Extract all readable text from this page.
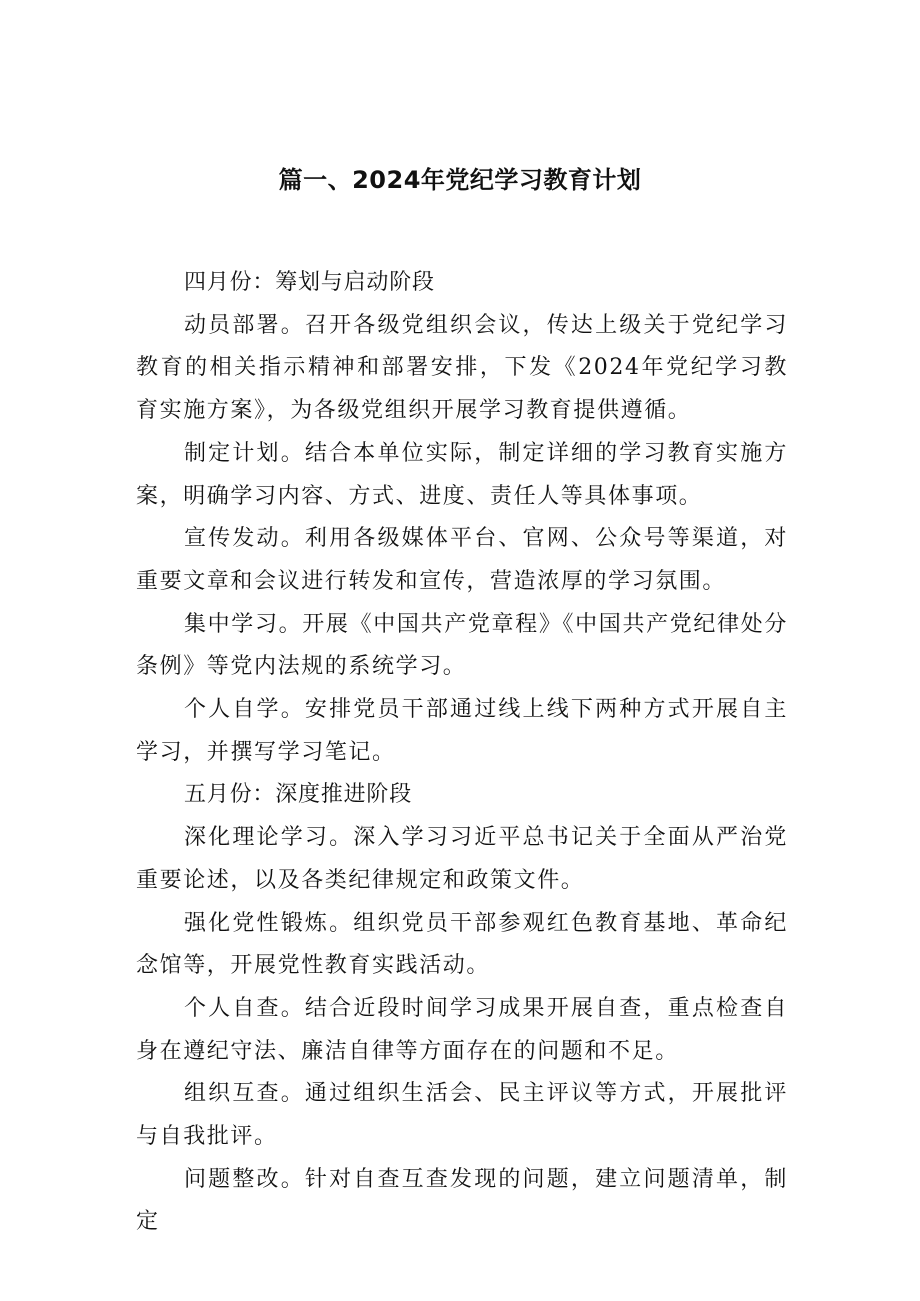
篇一、2024年党纪学习教育计划

四月份：筹划与启动阶段

动员部署。召开各级党组织会议，传达上级关于党纪学习教育的相关指示精神和部署安排，下发《2024年党纪学习教育实施方案》，为各级党组织开展学习教育提供遵循。

制定计划。结合本单位实际，制定详细的学习教育实施方案，明确学习内容、方式、进度、责任人等具体事项。

宣传发动。利用各级媒体平台、官网、公众号等渠道，对重要文章和会议进行转发和宣传，营造浓厚的学习氛围。

集中学习。开展《中国共产党章程》《中国共产党纪律处分条例》等党内法规的系统学习。

个人自学。安排党员干部通过线上线下两种方式开展自主学习，并撰写学习笔记。

五月份：深度推进阶段

深化理论学习。深入学习习近平总书记关于全面从严治党重要论述，以及各类纪律规定和政策文件。

强化党性锻炼。组织党员干部参观红色教育基地、革命纪念馆等，开展党性教育实践活动。

个人自查。结合近段时间学习成果开展自查，重点检查自身在遵纪守法、廉洁自律等方面存在的问题和不足。

组织互查。通过组织生活会、民主评议等方式，开展批评与自我批评。

问题整改。针对自查互查发现的问题，建立问题清单，制定
